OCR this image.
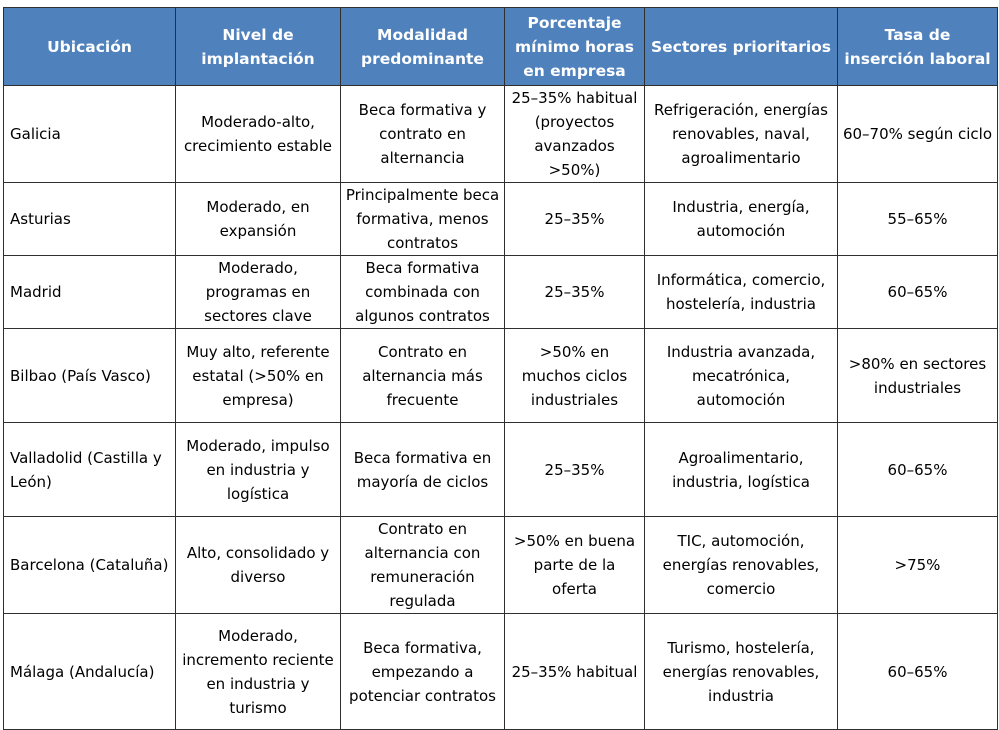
Ubicación	Nivel de implantación	Modalidad predominante	Porcentaje mínimo horas en empresa	Sectores prioritarios	Tasa de inserción laboral
Galicia	Moderado-alto, crecimiento estable	Beca formativa y contrato en alternancia	25–35% habitual (proyectos avanzados >50%)	Refrigeración, energías renovables, naval, agroalimentario	60–70% según ciclo
Asturias	Moderado, en expansión	Principalmente beca formativa, menos contratos	25–35%	Industria, energía, automoción	55–65%
Madrid	Moderado, programas en sectores clave	Beca formativa combinada con algunos contratos	25–35%	Informática, comercio, hostelería, industria	60–65%
Bilbao (País Vasco)	Muy alto, referente estatal (>50% en empresa)	Contrato en alternancia más frecuente	>50% en muchos ciclos industriales	Industria avanzada, mecatrónica, automoción	>80% en sectores industriales
Valladolid (Castilla y León)	Moderado, impulso en industria y logística	Beca formativa en mayoría de ciclos	25–35%	Agroalimentario, industria, logística	60–65%
Barcelona (Cataluña)	Alto, consolidado y diverso	Contrato en alternancia con remuneración regulada	>50% en buena parte de la oferta	TIC, automoción, energías renovables, comercio	>75%
Málaga (Andalucía)	Moderado, incremento reciente en industria y turismo	Beca formativa, empezando a potenciar contratos	25–35% habitual	Turismo, hostelería, energías renovables, industria	60–65%
